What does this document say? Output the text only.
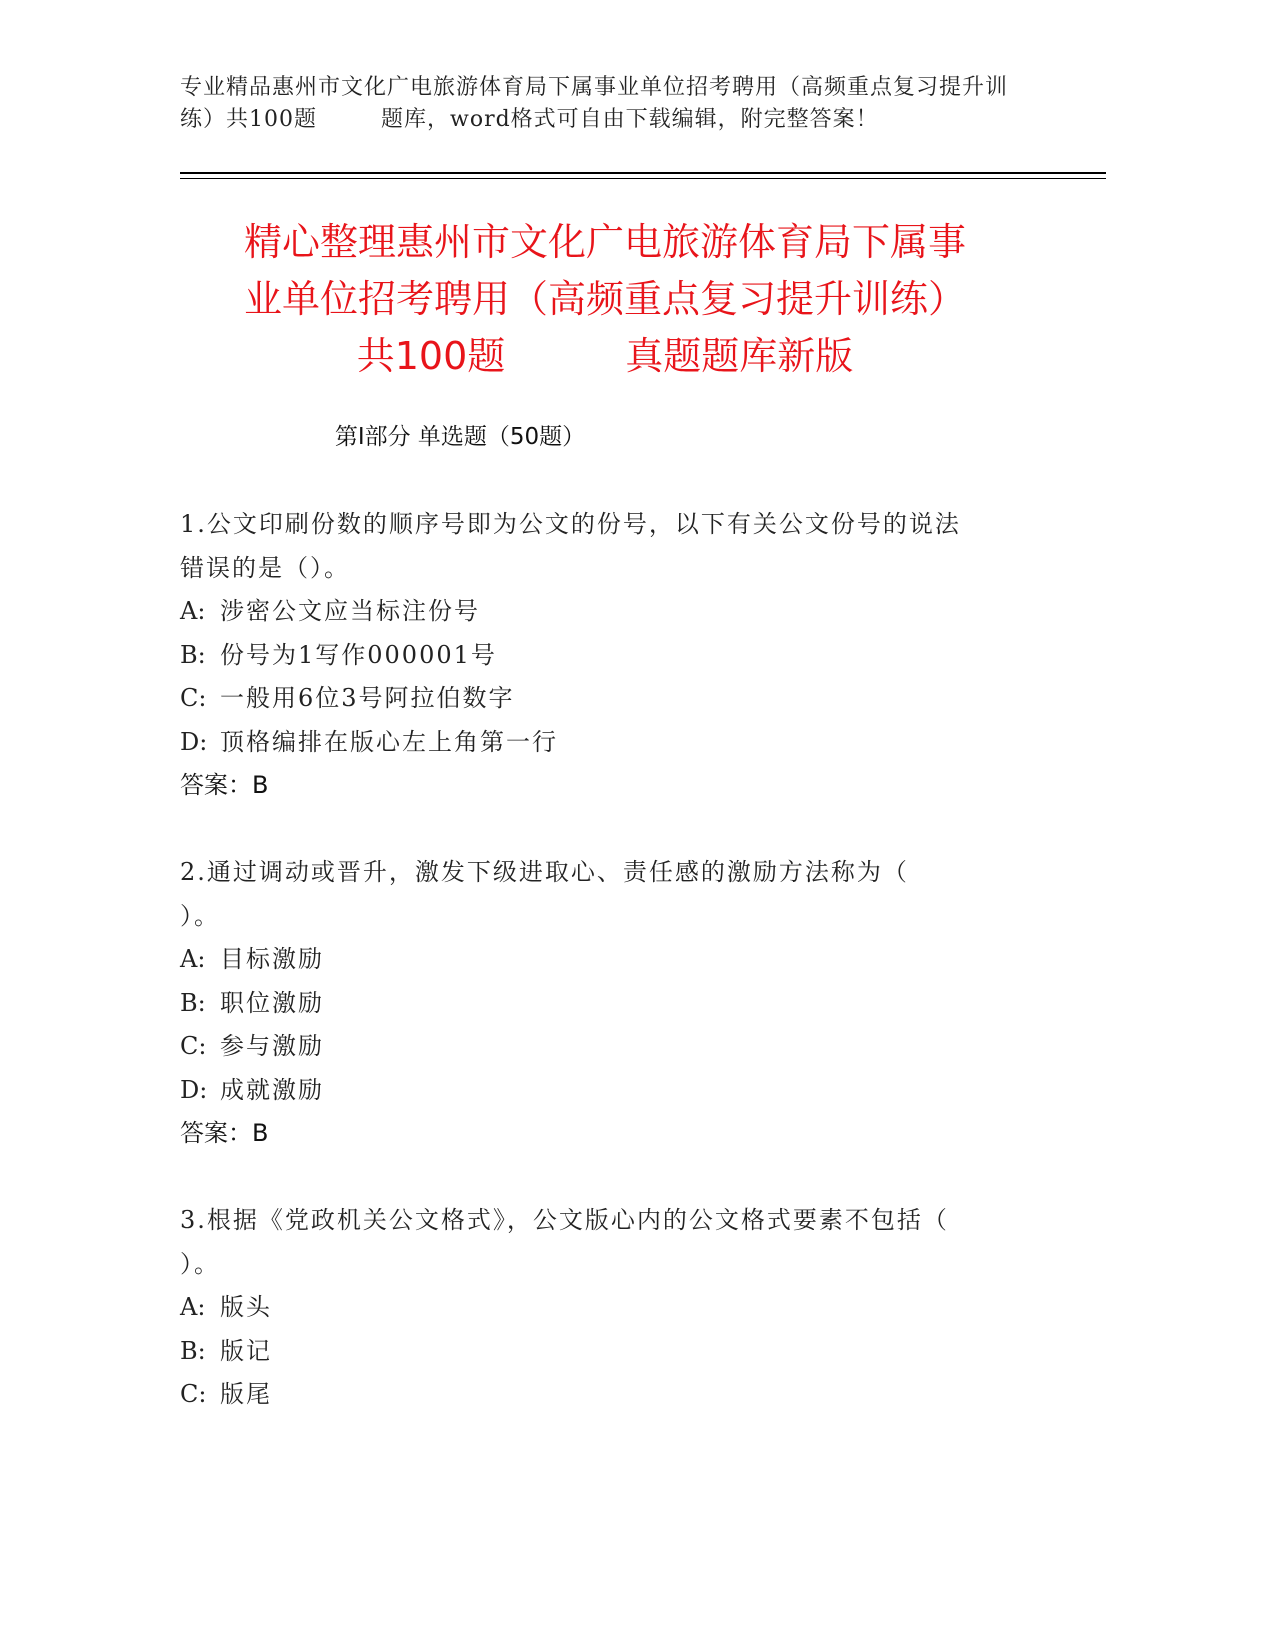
专业精品惠州市文化广电旅游体育局下属事业单位招考聘用（高频重点复习提升训
练）共100题	题库，word格式可自由下载编辑，附完整答案！
精心整理惠州市文化广电旅游体育局下属事
业单位招考聘用（高频重点复习提升训练）
共100题	真题题库新版
第Ⅰ部分 单选题（50题）

1.公文印刷份数的顺序号即为公文的份号，以下有关公文份号的说法

错误的是（）。

A: 涉密公文应当标注份号

B: 份号为1写作000001号

C: 一般用6位3号阿拉伯数字

D: 顶格编排在版心左上角第一行

答案：B

2.通过调动或晋升，激发下级进取心、责任感的激励方法称为（

）。

A: 目标激励

B: 职位激励

C: 参与激励

D: 成就激励

答案：B

3.根据《党政机关公文格式》，公文版心内的公文格式要素不包括（

）。

A: 版头

B: 版记

C: 版尾
